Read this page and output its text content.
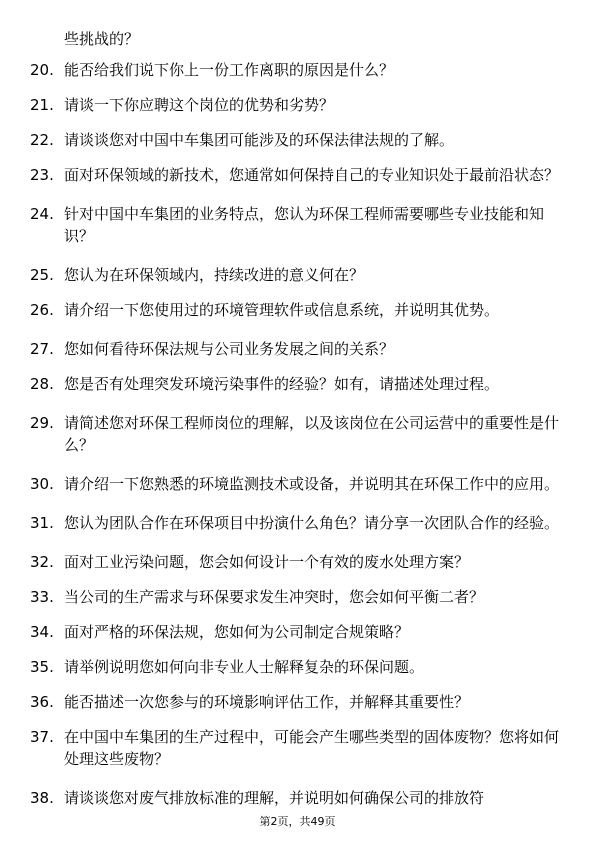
些挑战的？
20. 能否给我们说下你上一份工作离职的原因是什么？
21. 请谈一下你应聘这个岗位的优势和劣势？
22. 请谈谈您对中国中车集团可能涉及的环保法律法规的了解。
23. 面对环保领域的新技术，您通常如何保持自己的专业知识处于最前沿状态？
24. 针对中国中车集团的业务特点，您认为环保工程师需要哪些专业技能和知识？
25. 您认为在环保领域内，持续改进的意义何在？
26. 请介绍一下您使用过的环境管理软件或信息系统，并说明其优势。
27. 您如何看待环保法规与公司业务发展之间的关系？
28. 您是否有处理突发环境污染事件的经验？如有，请描述处理过程。
29. 请简述您对环保工程师岗位的理解，以及该岗位在公司运营中的重要性是什么？
30. 请介绍一下您熟悉的环境监测技术或设备，并说明其在环保工作中的应用。
31. 您认为团队合作在环保项目中扮演什么角色？请分享一次团队合作的经验。
32. 面对工业污染问题，您会如何设计一个有效的废水处理方案？
33. 当公司的生产需求与环保要求发生冲突时，您会如何平衡二者？
34. 面对严格的环保法规，您如何为公司制定合规策略？
35. 请举例说明您如何向非专业人士解释复杂的环保问题。
36. 能否描述一次您参与的环境影响评估工作，并解释其重要性？
37. 在中国中车集团的生产过程中，可能会产生哪些类型的固体废物？您将如何处理这些废物？
38. 请谈谈您对废气排放标准的理解，并说明如何确保公司的排放符
第2页，共49页
